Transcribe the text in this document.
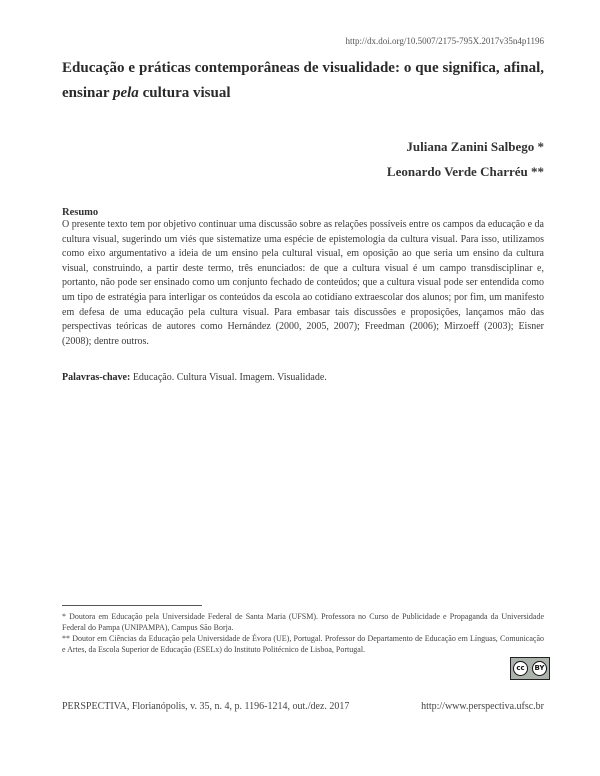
http://dx.doi.org/10.5007/2175-795X.2017v35n4p1196
Educação e práticas contemporâneas de visualidade: o que significa, afinal, ensinar pela cultura visual
Juliana Zanini Salbego *
Leonardo Verde Charréu **
Resumo
O presente texto tem por objetivo continuar uma discussão sobre as relações possíveis entre os campos da educação e da cultura visual, sugerindo um viés que sistematize uma espécie de epistemologia da cultura visual. Para isso, utilizamos como eixo argumentativo a ideia de um ensino pela cultural visual, em oposição ao que seria um ensino da cultura visual, construindo, a partir deste termo, três enunciados: de que a cultura visual é um campo transdisciplinar e, portanto, não pode ser ensinado como um conjunto fechado de conteúdos; que a cultura visual pode ser entendida como um tipo de estratégia para interligar os conteúdos da escola ao cotidiano extraescolar dos alunos; por fim, um manifesto em defesa de uma educação pela cultura visual. Para embasar tais discussões e proposições, lançamos mão das perspectivas teóricas de autores como Hernández (2000, 2005, 2007); Freedman (2006); Mirzoeff (2003); Eisner (2008); dentre outros.
Palavras-chave: Educação. Cultura Visual. Imagem. Visualidade.
* Doutora em Educação pela Universidade Federal de Santa Maria (UFSM). Professora no Curso de Publicidade e Propaganda da Universidade Federal do Pampa (UNIPAMPA), Campus São Borja.
** Doutor em Ciências da Educação pela Universidade de Évora (UE), Portugal. Professor do Departamento de Educação em Línguas, Comunicação e Artes, da Escola Superior de Educação (ESELx) do Instituto Politécnico de Lisboa, Portugal.
cc	BY
PERSPECTIVA, Florianópolis, v. 35, n. 4, p. 1196-1214, out./dez. 2017	http://www.perspectiva.ufsc.br
